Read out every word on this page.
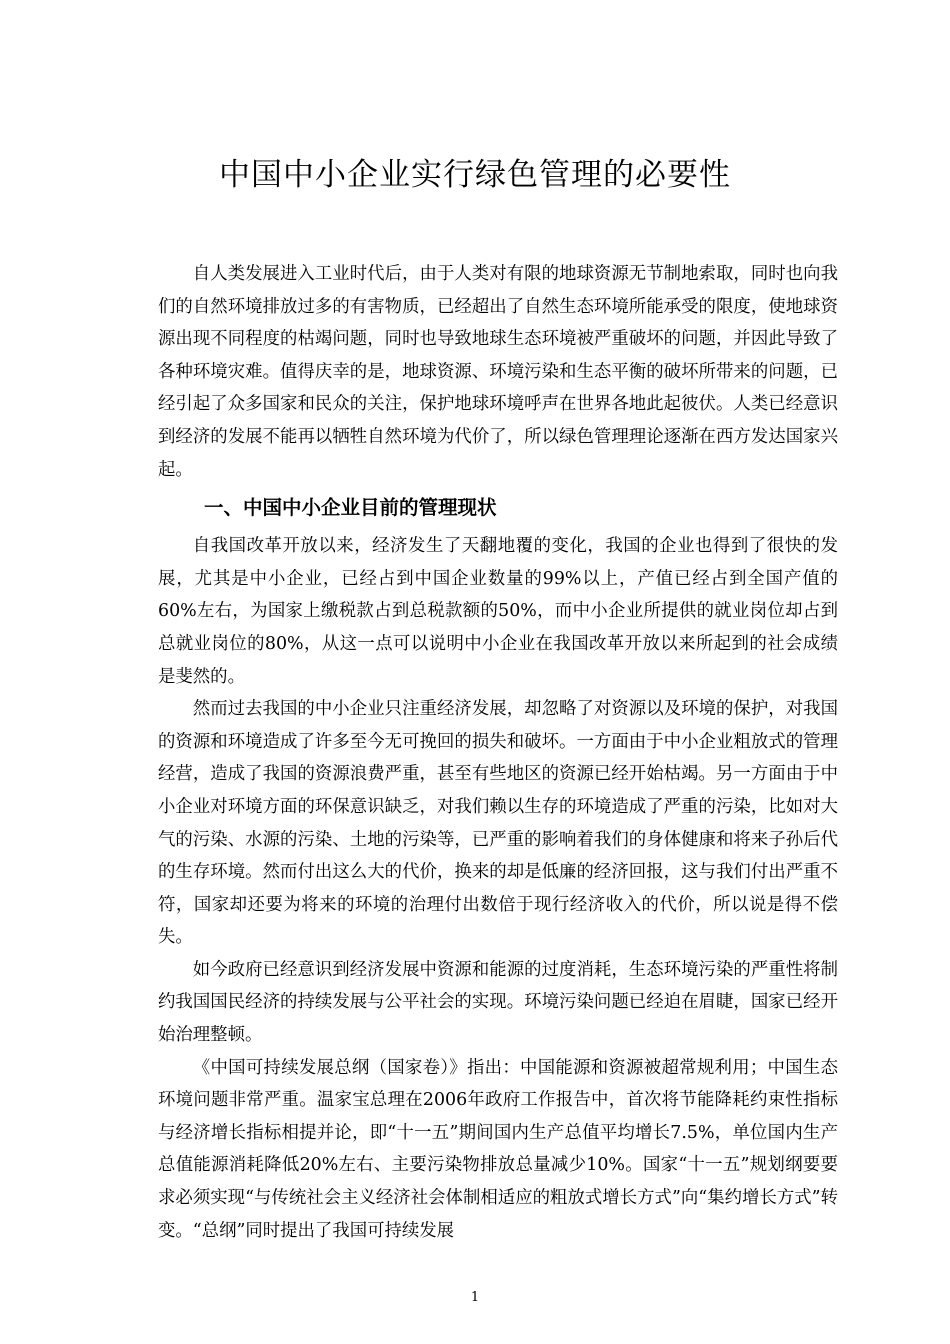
中国中小企业实行绿色管理的必要性

自人类发展进入工业时代后，由于人类对有限的地球资源无节制地索取，同时也向我们的自然环境排放过多的有害物质，已经超出了自然生态环境所能承受的限度，使地球资源出现不同程度的枯竭问题，同时也导致地球生态环境被严重破坏的问题，并因此导致了各种环境灾难。值得庆幸的是，地球资源、环境污染和生态平衡的破坏所带来的问题，已经引起了众多国家和民众的关注，保护地球环境呼声在世界各地此起彼伏。人类已经意识到经济的发展不能再以牺牲自然环境为代价了，所以绿色管理理论逐渐在西方发达国家兴起。

一、中国中小企业目前的管理现状

自我国改革开放以来，经济发生了天翻地覆的变化，我国的企业也得到了很快的发展，尤其是中小企业，已经占到中国企业数量的99%以上，产值已经占到全国产值的60%左右，为国家上缴税款占到总税款额的50%，而中小企业所提供的就业岗位却占到总就业岗位的80%，从这一点可以说明中小企业在我国改革开放以来所起到的社会成绩是斐然的。

然而过去我国的中小企业只注重经济发展，却忽略了对资源以及环境的保护，对我国的资源和环境造成了许多至今无可挽回的损失和破坏。一方面由于中小企业粗放式的管理经营，造成了我国的资源浪费严重，甚至有些地区的资源已经开始枯竭。另一方面由于中小企业对环境方面的环保意识缺乏，对我们赖以生存的环境造成了严重的污染，比如对大气的污染、水源的污染、土地的污染等，已严重的影响着我们的身体健康和将来子孙后代的生存环境。然而付出这么大的代价，换来的却是低廉的经济回报，这与我们付出严重不符，国家却还要为将来的环境的治理付出数倍于现行经济收入的代价，所以说是得不偿失。

如今政府已经意识到经济发展中资源和能源的过度消耗，生态环境污染的严重性将制约我国国民经济的持续发展与公平社会的实现。环境污染问题已经迫在眉睫，国家已经开始治理整顿。

《中国可持续发展总纲（国家卷）》指出：中国能源和资源被超常规利用；中国生态环境问题非常严重。温家宝总理在2006年政府工作报告中，首次将节能降耗约束性指标与经济增长指标相提并论，即“十一五”期间国内生产总值平均增长7.5%，单位国内生产总值能源消耗降低20%左右、主要污染物排放总量减少10%。国家“十一五”规划纲要要求必须实现“与传统社会主义经济社会体制相适应的粗放式增长方式”向“集约增长方式”转变。“总纲”同时提出了我国可持续发展

1
